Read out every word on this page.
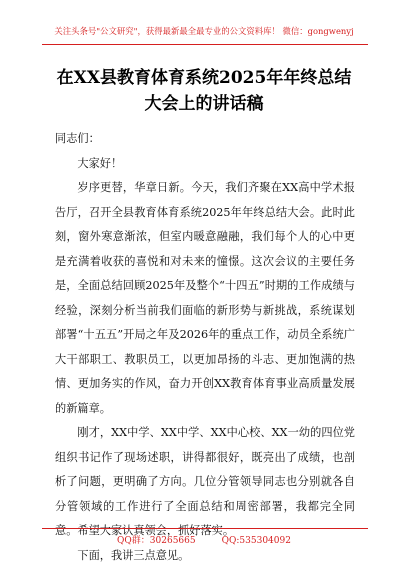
关注头条号"公文研究"，获得最新最全最专业的公文资料库！ 微信：gongwenyj
在XX县教育体育系统2025年年终总结
大会上的讲话稿

同志们：

大家好！

岁序更替，华章日新。今天，我们齐聚在XX高中学术报告厅，召开全县教育体育系统2025年年终总结大会。此时此刻，窗外寒意渐浓，但室内暖意融融，我们每个人的心中更是充满着收获的喜悦和对未来的憧憬。这次会议的主要任务是，全面总结回顾2025年及整个“十四五”时期的工作成绩与经验，深刻分析当前我们面临的新形势与新挑战，系统谋划部署“十五五”开局之年及2026年的重点工作，动员全系统广大干部职工、教职员工，以更加昂扬的斗志、更加饱满的热情、更加务实的作风，奋力开创XX教育体育事业高质量发展的新篇章。

刚才，XX中学、XX中学、XX中心校、XX一幼的四位党组织书记作了现场述职，讲得都很好，既亮出了成绩，也剖析了问题，更明确了方向。几位分管领导同志也分别就各自分管领域的工作进行了全面总结和周密部署，我都完全同意。希望大家认真领会，抓好落实。

下面，我讲三点意见。

QQ群：30265665	QQ:535304092
